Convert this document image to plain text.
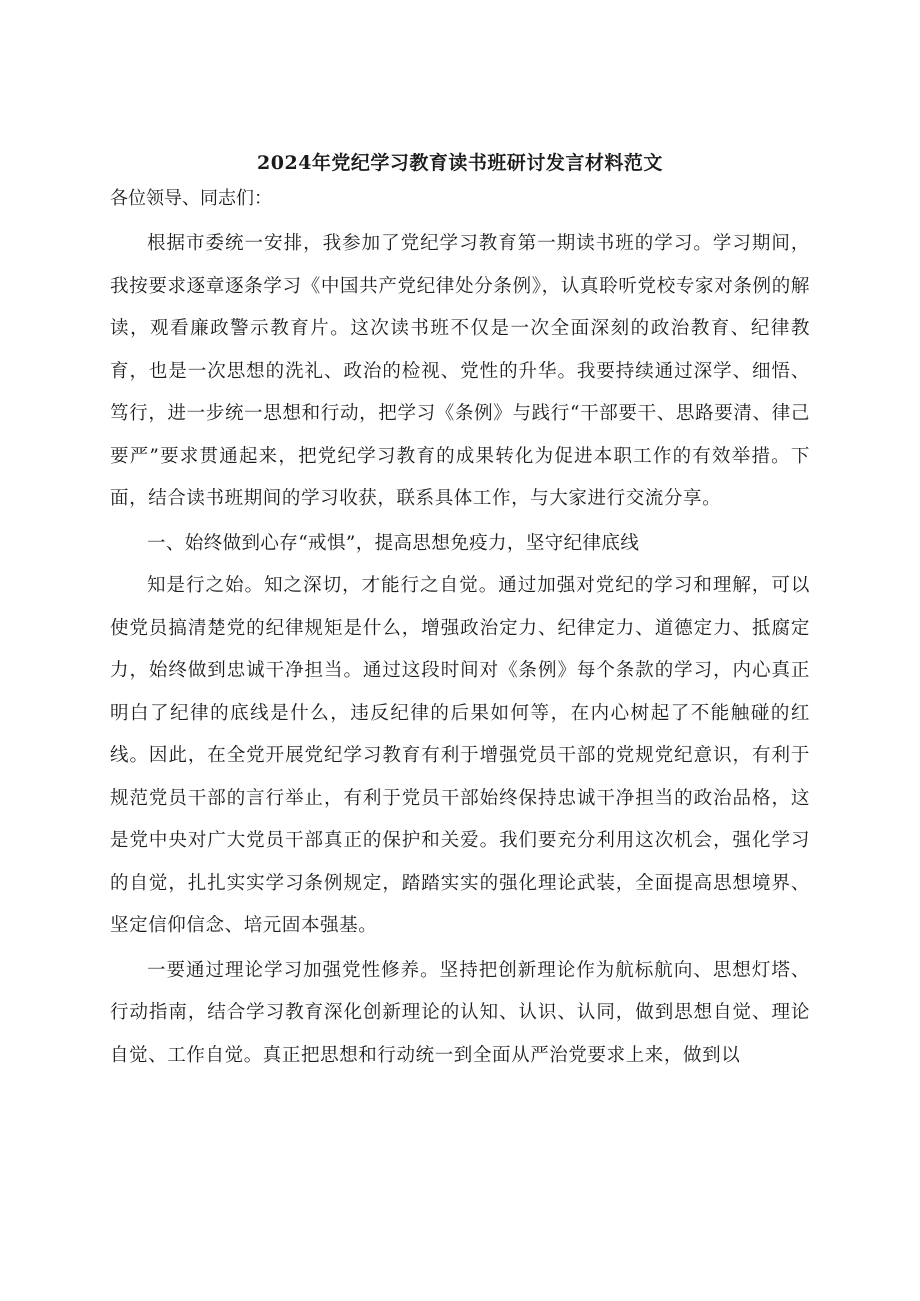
2024年党纪学习教育读书班研讨发言材料范文

各位领导、同志们：

根据市委统一安排，我参加了党纪学习教育第一期读书班的学习。学习期间，我按要求逐章逐条学习《中国共产党纪律处分条例》，认真聆听党校专家对条例的解读，观看廉政警示教育片。这次读书班不仅是一次全面深刻的政治教育、纪律教育，也是一次思想的洗礼、政治的检视、党性的升华。我要持续通过深学、细悟、笃行，进一步统一思想和行动，把学习《条例》与践行“干部要干、思路要清、律己要严”要求贯通起来，把党纪学习教育的成果转化为促进本职工作的有效举措。下面，结合读书班期间的学习收获，联系具体工作，与大家进行交流分享。

一、始终做到心存“戒惧”，提高思想免疫力，坚守纪律底线

知是行之始。知之深切，才能行之自觉。通过加强对党纪的学习和理解，可以使党员搞清楚党的纪律规矩是什么，增强政治定力、纪律定力、道德定力、抵腐定力，始终做到忠诚干净担当。通过这段时间对《条例》每个条款的学习，内心真正明白了纪律的底线是什么，违反纪律的后果如何等，在内心树起了不能触碰的红线。因此，在全党开展党纪学习教育有利于增强党员干部的党规党纪意识，有利于规范党员干部的言行举止，有利于党员干部始终保持忠诚干净担当的政治品格，这是党中央对广大党员干部真正的保护和关爱。我们要充分利用这次机会，强化学习的自觉，扎扎实实学习条例规定，踏踏实实的强化理论武装，全面提高思想境界、坚定信仰信念、培元固本强基。

一要通过理论学习加强党性修养。坚持把创新理论作为航标航向、思想灯塔、行动指南，结合学习教育深化创新理论的认知、认识、认同，做到思想自觉、理论自觉、工作自觉。真正把思想和行动统一到全面从严治党要求上来，做到以
